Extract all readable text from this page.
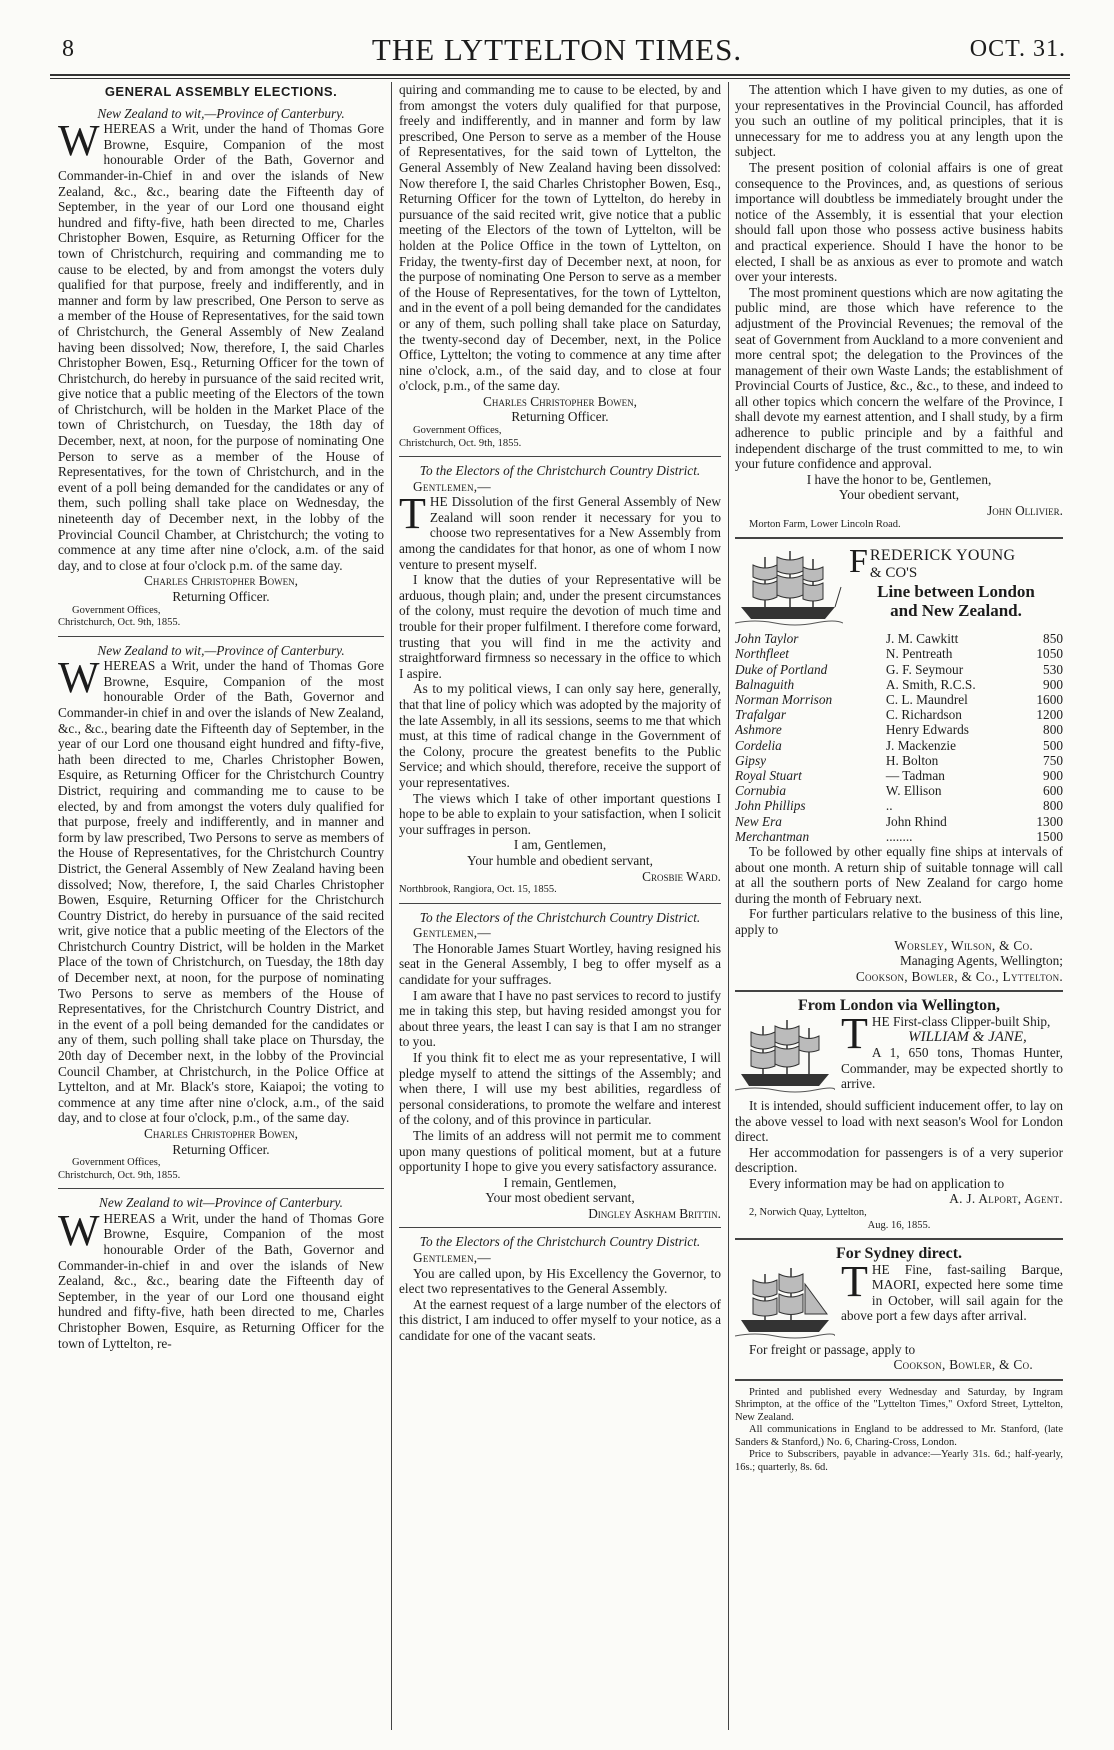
8	THE LYTTELTON TIMES.	OCT. 31.
GENERAL ASSEMBLY ELECTIONS.

New Zealand to wit,—Province of Canterbury.

WHEREAS a Writ, under the hand of Thomas Gore Browne, Esquire, Companion of the most honourable Order of the Bath, Governor and Commander-in-Chief in and over the islands of New Zealand, &c., &c., bearing date the Fifteenth day of September, in the year of our Lord one thousand eight hundred and fifty-five, hath been directed to me, Charles Christopher Bowen, Esquire, as Returning Officer for the town of Christchurch, requiring and commanding me to cause to be elected, by and from amongst the voters duly qualified for that purpose, freely and indifferently, and in manner and form by law prescribed, One Person to serve as a member of the House of Representatives, for the said town of Christchurch, the General Assembly of New Zealand having been dissolved; Now, therefore, I, the said Charles Christopher Bowen, Esq., Returning Officer for the town of Christchurch, do hereby in pursuance of the said recited writ, give notice that a public meeting of the Electors of the town of Christchurch, will be holden in the Market Place of the town of Christchurch, on Tuesday, the 18th day of December, next, at noon, for the purpose of nominating One Person to serve as a member of the House of Representatives, for the town of Christchurch, and in the event of a poll being demanded for the candidates or any of them, such polling shall take place on Wednesday, the nineteenth day of December next, in the lobby of the Provincial Council Chamber, at Christchurch; the voting to commence at any time after nine o'clock, a.m. of the said day, and to close at four o'clock p.m. of the same day.

Charles Christopher Bowen,

Returning Officer.

Government Offices,

Christchurch, Oct. 9th, 1855.

New Zealand to wit,—Province of Canterbury.

WHEREAS a Writ, under the hand of Thomas Gore Browne, Esquire, Companion of the most honourable Order of the Bath, Governor and Commander-in chief in and over the islands of New Zealand, &c., &c., bearing date the Fifteenth day of September, in the year of our Lord one thousand eight hundred and fifty-five, hath been directed to me, Charles Christopher Bowen, Esquire, as Returning Officer for the Christchurch Country District, requiring and commanding me to cause to be elected, by and from amongst the voters duly qualified for that purpose, freely and indifferently, and in manner and form by law prescribed, Two Persons to serve as members of the House of Representatives, for the Christchurch Country District, the General Assembly of New Zealand having been dissolved; Now, therefore, I, the said Charles Christopher Bowen, Esquire, Returning Officer for the Christchurch Country District, do hereby in pursuance of the said recited writ, give notice that a public meeting of the Electors of the Christchurch Country District, will be holden in the Market Place of the town of Christchurch, on Tuesday, the 18th day of December next, at noon, for the purpose of nominating Two Persons to serve as members of the House of Representatives, for the Christchurch Country District, and in the event of a poll being demanded for the candidates or any of them, such polling shall take place on Thursday, the 20th day of December next, in the lobby of the Provincial Council Chamber, at Christchurch, in the Police Office at Lyttelton, and at Mr. Black's store, Kaiapoi; the voting to commence at any time after nine o'clock, a.m., of the said day, and to close at four o'clock, p.m., of the same day.

Charles Christopher Bowen,

Returning Officer.

Government Offices,

Christchurch, Oct. 9th, 1855.

New Zealand to wit—Province of Canterbury.

WHEREAS a Writ, under the hand of Thomas Gore Browne, Esquire, Companion of the most honourable Order of the Bath, Governor and Commander-in-chief in and over the islands of New Zealand, &c., &c., bearing date the Fifteenth day of September, in the year of our Lord one thousand eight hundred and fifty-five, hath been directed to me, Charles Christopher Bowen, Esquire, as Returning Officer for the town of Lyttelton, re-

quiring and commanding me to cause to be elected, by and from amongst the voters duly qualified for that purpose, freely and indifferently, and in manner and form by law prescribed, One Person to serve as a member of the House of Representatives, for the said town of Lyttelton, the General Assembly of New Zealand having been dissolved: Now therefore I, the said Charles Christopher Bowen, Esq., Returning Officer for the town of Lyttelton, do hereby in pursuance of the said recited writ, give notice that a public meeting of the Electors of the town of Lyttelton, will be holden at the Police Office in the town of Lyttelton, on Friday, the twenty-first day of December next, at noon, for the purpose of nominating One Person to serve as a member of the House of Representatives, for the town of Lyttelton, and in the event of a poll being demanded for the candidates or any of them, such polling shall take place on Saturday, the twenty-second day of December, next, in the Police Office, Lyttelton; the voting to commence at any time after nine o'clock, a.m., of the said day, and to close at four o'clock, p.m., of the same day.

Charles Christopher Bowen,

Returning Officer.

Government Offices,

Christchurch, Oct. 9th, 1855.

To the Electors of the Christchurch Country District.

Gentlemen,—

THE Dissolution of the first General Assembly of New Zealand will soon render it necessary for you to choose two representatives for a New Assembly from among the candidates for that honor, as one of whom I now venture to present myself.

I know that the duties of your Representative will be arduous, though plain; and, under the present circumstances of the colony, must require the devotion of much time and trouble for their proper fulfilment. I therefore come forward, trusting that you will find in me the activity and straightforward firmness so necessary in the office to which I aspire.

As to my political views, I can only say here, generally, that that line of policy which was adopted by the majority of the late Assembly, in all its sessions, seems to me that which must, at this time of radical change in the Government of the Colony, procure the greatest benefits to the Public Service; and which should, therefore, receive the support of your representatives.

The views which I take of other important questions I hope to be able to explain to your satisfaction, when I solicit your suffrages in person.

I am, Gentlemen,

Your humble and obedient servant,

Crosbie Ward.

Northbrook, Rangiora, Oct. 15, 1855.

To the Electors of the Christchurch Country District.

Gentlemen,—

The Honorable James Stuart Wortley, having resigned his seat in the General Assembly, I beg to offer myself as a candidate for your suffrages.

I am aware that I have no past services to record to justify me in taking this step, but having resided amongst you for about three years, the least I can say is that I am no stranger to you.

If you think fit to elect me as your representative, I will pledge myself to attend the sittings of the Assembly; and when there, I will use my best abilities, regardless of personal considerations, to promote the welfare and interest of the colony, and of this province in particular.

The limits of an address will not permit me to comment upon many questions of political moment, but at a future opportunity I hope to give you every satisfactory assurance.

I remain, Gentlemen,

Your most obedient servant,

Dingley Askham Brittin.

To the Electors of the Christchurch Country District.

Gentlemen,—

You are called upon, by His Excellency the Governor, to elect two representatives to the General Assembly.

At the earnest request of a large number of the electors of this district, I am induced to offer myself to your notice, as a candidate for one of the vacant seats.

The attention which I have given to my duties, as one of your representatives in the Provincial Council, has afforded you such an outline of my political principles, that it is unnecessary for me to address you at any length upon the subject.

The present position of colonial affairs is one of great consequence to the Provinces, and, as questions of serious importance will doubtless be immediately brought under the notice of the Assembly, it is essential that your election should fall upon those who possess active business habits and practical experience. Should I have the honor to be elected, I shall be as anxious as ever to promote and watch over your interests.

The most prominent questions which are now agitating the public mind, are those which have reference to the adjustment of the Provincial Revenues; the removal of the seat of Government from Auckland to a more convenient and more central spot; the delegation to the Provinces of the management of their own Waste Lands; the establishment of Provincial Courts of Justice, &c., &c., to these, and indeed to all other topics which concern the welfare of the Province, I shall devote my earnest attention, and I shall study, by a firm adherence to public principle and by a faithful and independent discharge of the trust committed to me, to win your future confidence and approval.

I have the honor to be, Gentlemen,

Your obedient servant,

John Ollivier.

Morton Farm, Lower Lincoln Road.

FREDERICK YOUNG
& CO'S
Line between London
and New Zealand.
John Taylor	J. M. Cawkitt	850
Northfleet	N. Pentreath	1050
Duke of Portland	G. F. Seymour	530
Balnaguith	A. Smith, R.C.S.	900
Norman Morrison	C. L. Maundrel	1600
Trafalgar	C. Richardson	1200
Ashmore	Henry Edwards	800
Cordelia	J. Mackenzie	500
Gipsy	H. Bolton	750
Royal Stuart	— Tadman	900
Cornubia	W. Ellison	600
John Phillips	..	800
New Era	John Rhind	1300
Merchantman	........	1500

To be followed by other equally fine ships at intervals of about one month. A return ship of suitable tonnage will call at all the southern ports of New Zealand for cargo home during the month of February next.

For further particulars relative to the business of this line, apply to

Worsley, Wilson, & Co.

Managing Agents, Wellington;

Cookson, Bowler, & Co., Lyttelton.

From London via Wellington,

THE First-class Clipper-built Ship,

WILLIAM & JANE,

A 1, 650 tons, Thomas Hunter, Commander, may be expected shortly to arrive.

It is intended, should sufficient inducement offer, to lay on the above vessel to load with next season's Wool for London direct.

Her accommodation for passengers is of a very superior description.

Every information may be had on application to

A. J. Alport, Agent.

2, Norwich Quay, Lyttelton,

Aug. 16, 1855.

For Sydney direct.

THE Fine, fast-sailing Barque, MAORI, expected here some time in October, will sail again for the above port a few days after arrival.

For freight or passage, apply to

Cookson, Bowler, & Co.

Printed and published every Wednesday and Saturday, by Ingram Shrimpton, at the office of the "Lyttelton Times," Oxford Street, Lyttelton, New Zealand.

All communications in England to be addressed to Mr. Stanford, (late Sanders & Stanford,) No. 6, Charing-Cross, London.

Price to Subscribers, payable in advance:—Yearly 31s. 6d.; half-yearly, 16s.; quarterly, 8s. 6d.
